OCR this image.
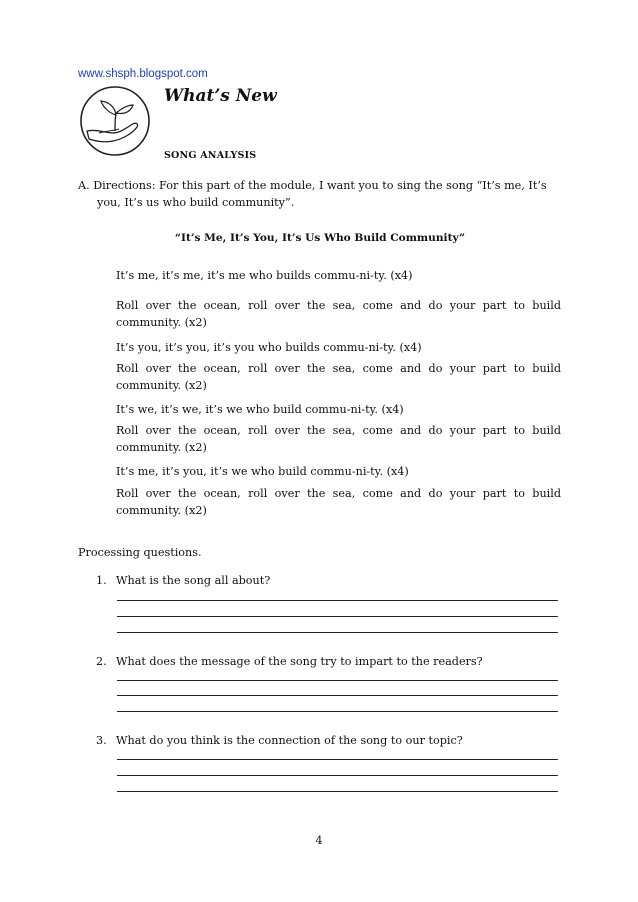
www.shsph.blogspot.com
What’s New
SONG ANALYSIS
A. Directions: For this part of the module, I want you to sing the song “It’s me, It’s you, It’s us who build community”.
“It’s Me, It’s You, It’s Us Who Build Community”
It’s me, it’s me, it’s me who builds commu-ni-ty. (x4)
Roll over the ocean, roll over the sea, come and do your part to build community. (x2)
It’s you, it’s you, it’s you who builds commu-ni-ty. (x4)
Roll over the ocean, roll over the sea, come and do your part to build community. (x2)
It’s we, it’s we, it’s we who build commu-ni-ty. (x4)
Roll over the ocean, roll over the sea, come and do your part to build community. (x2)
It’s me, it’s you, it’s we who build commu-ni-ty. (x4)
Roll over the ocean, roll over the sea, come and do your part to build community. (x2)
Processing questions.
1. What is the song all about?
2. What does the message of the song try to impart to the readers?
3. What do you think is the connection of the song to our topic?
4
